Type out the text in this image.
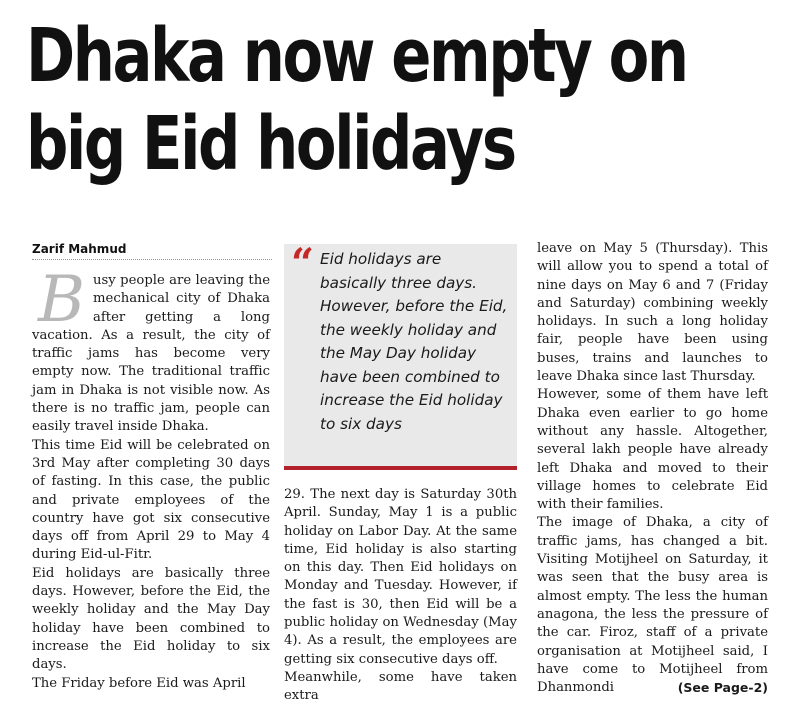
Dhaka now empty on big Eid holidays
Zarif Mahmud
B usy people are leaving the mechanical city of Dhaka after getting a long vacation. As a result, the city of traffic jams has become very empty now. The traditional traffic jam in Dhaka is not visible now. As there is no traffic jam, people can easily travel inside Dhaka.

This time Eid will be celebrated on 3rd May after completing 30 days of fasting. In this case, the public and private employees of the country have got six consecutive days off from April 29 to May 4 during Eid-ul-Fitr.

Eid holidays are basically three days. However, before the Eid, the weekly holiday and the May Day holiday have been combined to increase the Eid holiday to six days.

The Friday before Eid was April

“ Eid holidays are basically three days. However, before the Eid, the weekly holiday and the May Day holiday have been combined to increase the Eid holiday to six days

29. The next day is Saturday 30th April. Sunday, May 1 is a public holiday on Labor Day. At the same time, Eid holiday is also starting on this day. Then Eid holidays on Monday and Tuesday. However, if the fast is 30, then Eid will be a public holiday on Wednesday (May 4). As a result, the employees are getting six consecutive days off.

Meanwhile, some have taken extra

leave on May 5 (Thursday). This will allow you to spend a total of nine days on May 6 and 7 (Friday and Saturday) combining weekly holidays. In such a long holiday fair, people have been using buses, trains and launches to leave Dhaka since last Thursday.

However, some of them have left Dhaka even earlier to go home without any hassle. Altogether, several lakh people have already left Dhaka and moved to their village homes to celebrate Eid with their families.

The image of Dhaka, a city of traffic jams, has changed a bit. Visiting Motijheel on Saturday, it was seen that the busy area is almost empty. The less the human anagona, the less the pressure of the car. Firoz, staff of a private organisation at Motijheel said, I have come to Motijheel from Dhanmondi	(See Page-2)
